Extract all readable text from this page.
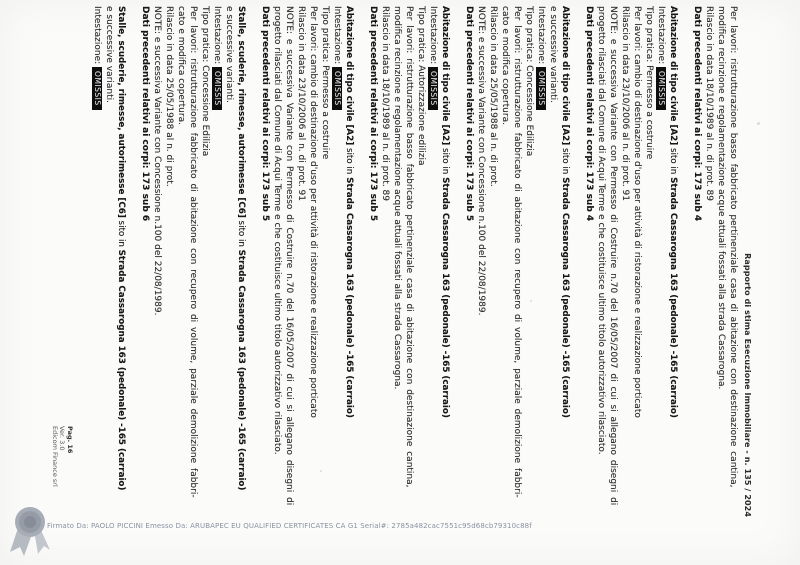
Rapporto di stima Esecuzione Immobiliare - n. 135 / 2024
Per lavori: ristrutturazione basso fabbricato pertinenziale casa di abitazione con destinazione cantina,
modifica recinzione e regolamentazione acque attuali fossati alla strada Cassarogna.
Rilascio in data 18/10/1989 al n. di prot. 89
Dati precedenti relativi ai corpi: 173 sub 4
Abitazione di tipo civile [A2] sito in Strada Cassarogna 163 (pedonale) -165 (carraio)
Intestazione: OMISSIS
Tipo pratica: Permesso a costruire
Per lavori: cambio di destinazione d'uso per attività di ristorazione e realizzazione porticato
Rilascio in data 23/10/2006 al n. di prot. 91
NOTE: e successiva Variante con Permesso di Costruire n.70 del 16/05/2007 di cui si allegano disegni di
progetto rilasciati dal Comune di Acqui Terme e che costituisce ultimo titolo autorizzativo rilasciato.
Dati precedenti relativi ai corpi: 173 sub 4
Abitazione di tipo civile [A2] sito in Strada Cassarogna 163 (pedonale) -165 (carraio)
e successive varianti.
Intestazione: OMISSIS
Tipo pratica: Concessione Edilizia
Per lavori: ristrutturazione fabbricato di abitazione con recupero di volume, parziale demolizione fabbri-
cato e modifica copertura.
Rilascio in data 25/05/1988 al n. di prot.
NOTE: e successiva Variante con Concessione n.100 del 22/08/1989.
Dati precedenti relativi ai corpi: 173 sub 5
Abitazione di tipo civile [A2] sito in Strada Cassarogna 163 (pedonale) -165 (carraio)
Intestazione: OMISSIS
Tipo pratica: Autorizzazione edilizia
Per lavori: ristrutturazione basso fabbricato pertinenziale casa di abitazione con destinazione cantina,
modifica recinzione e regolamentazione acque attuali fossati alla strada Cassarogna.
Rilascio in data 18/10/1989 al n. di prot. 89
Dati precedenti relativi ai corpi: 173 sub 5
Abitazione di tipo civile [A2] sito in Strada Cassarogna 163 (pedonale) -165 (carraio)
Intestazione: OMISSIS
Tipo pratica: Permesso a costruire
Per lavori: cambio di destinazione d'uso per attività di ristorazione e realizzazione porticato
Rilascio in data 23/10/2006 al n. di prot. 91
NOTE: e successiva Variante con Permesso di Costruire n.70 del 16/05/2007 di cui si allegano disegni di
progetto rilasciati dal Comune di Acqui Terme e che costituisce ultimo titolo autorizzativo rilasciato.
Dati precedenti relativi ai corpi: 173 sub 5
Stalle, scuderie, rimesse, autorimesse [C6] sito in Strada Cassarogna 163 (pedonale) -165 (carraio)
e successive varianti.
Intestazione: OMISSIS
Tipo pratica: Concessione Edilizia
Per lavori: ristrutturazione fabbricato di abitazione con recupero di volume, parziale demolizione fabbri-
cato e modifica copertura.
Rilascio in data 25/05/1988 al n. di prot.
NOTE: e successiva Variante con Concessione n.100 del 22/08/1989.
Dati precedenti relativi ai corpi: 173 sub 6
Stalle, scuderie, rimesse, autorimesse [C6] sito in Strada Cassarogna 163 (pedonale) -165 (carraio)
e successive varianti.
Intestazione: OMISSIS
Pag. 16
Ver. 3.0
Edicom Finance srl
Firmato Da: PAOLO PICCINI Emesso Da: ARUBAPEC EU QUALIFIED CERTIFICATES CA G1 Serial#: 2785a482cac7551c95d68cb79310c88f
